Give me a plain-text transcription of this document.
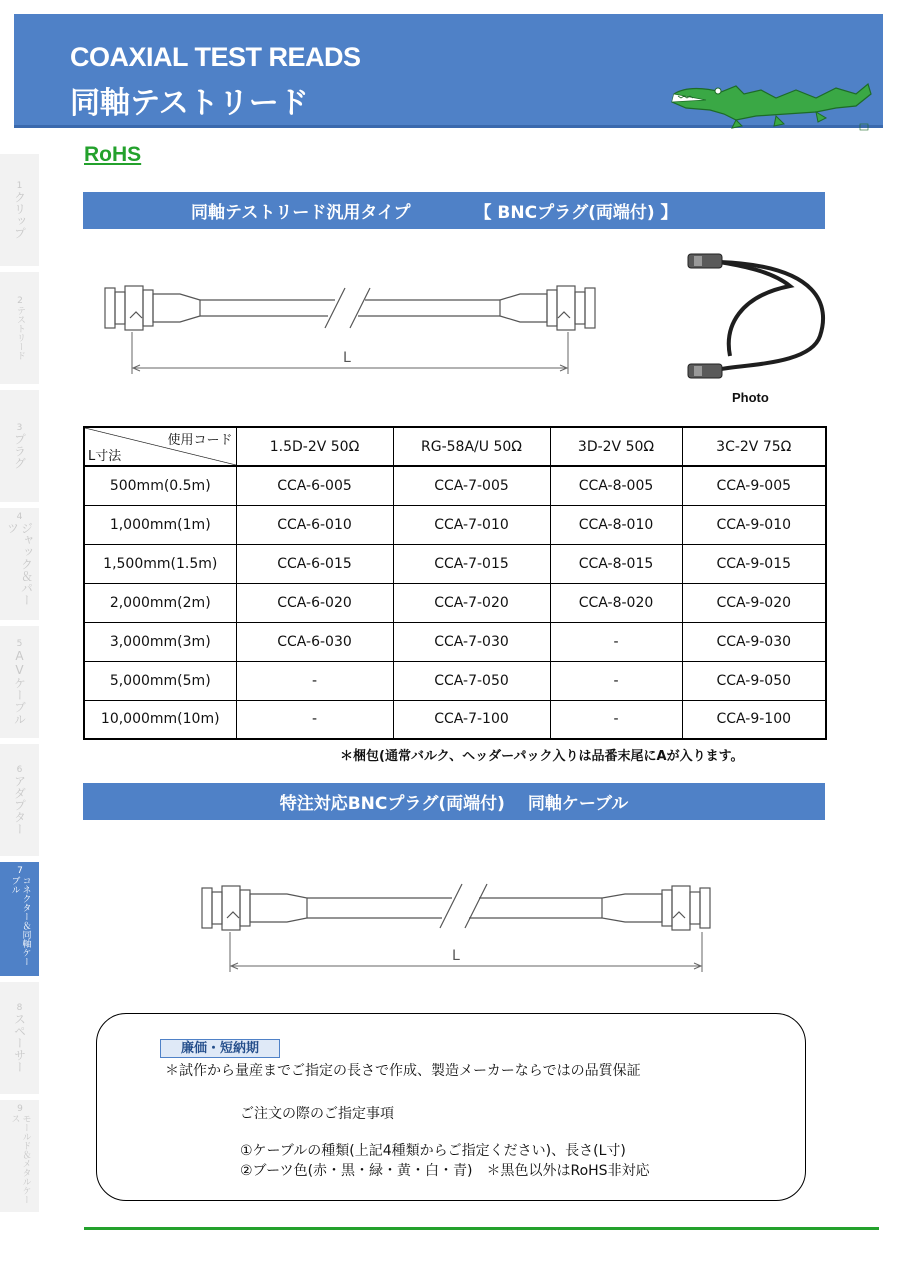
COAXIAL TEST READS
同軸テストリード
RoHS
1
クリップ
2
テストリード
3
プラグ
4
ジャック＆パーツ
5
AVケーブル
6
アダプター
7
コネクター＆同軸ケーブル
8
スペーサー
9
モールド＆メタルケース
同軸テストリード汎用タイプ	【 BNCプラグ(両端付) 】
L
Photo
使用コード
L寸法	1.5D-2V 50Ω	RG-58A/U 50Ω	3D-2V 50Ω	3C-2V 75Ω
500mm(0.5m)	CCA-6-005	CCA-7-005	CCA-8-005	CCA-9-005
1,000mm(1m)	CCA-6-010	CCA-7-010	CCA-8-010	CCA-9-010
1,500mm(1.5m)	CCA-6-015	CCA-7-015	CCA-8-015	CCA-9-015
2,000mm(2m)	CCA-6-020	CCA-7-020	CCA-8-020	CCA-9-020
3,000mm(3m)	CCA-6-030	CCA-7-030	-	CCA-9-030
5,000mm(5m)	-	CCA-7-050	-	CCA-9-050
10,000mm(10m)	-	CCA-7-100	-	CCA-9-100
＊梱包(通常バルク、ヘッダーパック入りは品番末尾にAが入ります。
特注対応BNCプラグ(両端付)　 同軸ケーブル
L
廉価・短納期
＊試作から量産までご指定の長さで作成、製造メーカーならではの品質保証
ご注文の際のご指定事項
①ケーブルの種類(上記4種類からご指定ください)、長さ(L寸)
②ブーツ色(赤・黒・緑・黄・白・青)　＊黒色以外はRoHS非対応
